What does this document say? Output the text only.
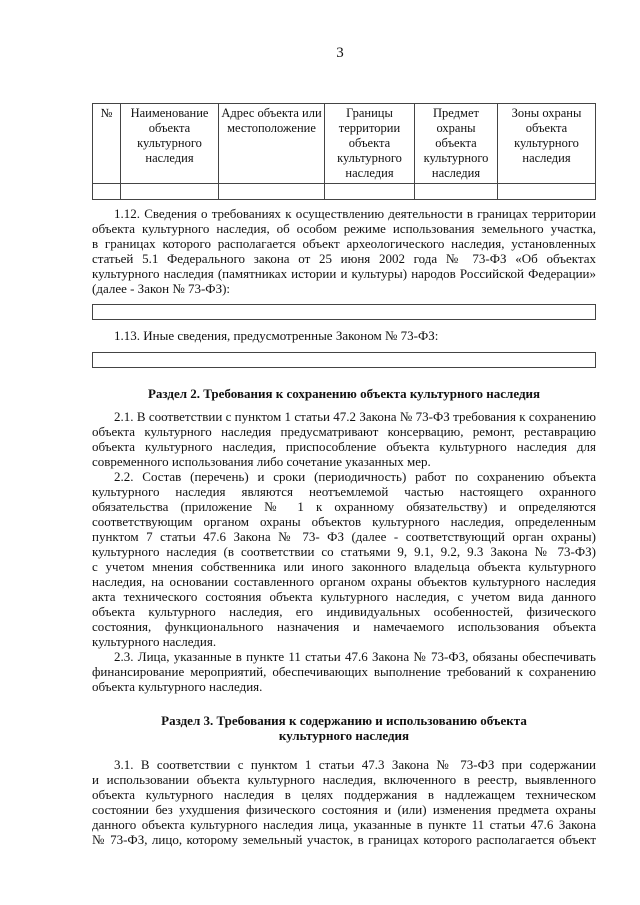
3
№	Наименование объекта культурного наследия	Адрес объекта или местоположение	Границы территории объекта культурного наследия	Предмет охраны объекта культурного наследия	Зоны охраны объекта культурного наследия

1.12. Сведения о требованиях к осуществлению деятельности в границах территории
объекта культурного наследия, об особом режиме использования земельного участка,
в границах которого располагается объект археологического наследия, установленных
статьей 5.1 Федерального закона от 25 июня 2002 года № 73-ФЗ «Об объектах
культурного наследия (памятниках истории и культуры) народов Российской Федерации»
(далее - Закон № 73-ФЗ):
1.13. Иные сведения, предусмотренные Законом № 73-ФЗ:
Раздел 2. Требования к сохранению объекта культурного наследия
2.1. В соответствии с пунктом 1 статьи 47.2 Закона № 73-ФЗ требования к сохранению
объекта культурного наследия предусматривают консервацию, ремонт, реставрацию
объекта культурного наследия, приспособление объекта культурного наследия для
современного использования либо сочетание указанных мер.
2.2. Состав (перечень) и сроки (периодичность) работ по сохранению объекта
культурного наследия являются неотъемлемой частью настоящего охранного
обязательства (приложение № 1 к охранному обязательству) и определяются
соответствующим органом охраны объектов культурного наследия, определенным
пунктом 7 статьи 47.6 Закона № 73- ФЗ (далее - соответствующий орган охраны)
культурного наследия (в соответствии со статьями 9, 9.1, 9.2, 9.3 Закона № 73-ФЗ)
с учетом мнения собственника или иного законного владельца объекта культурного
наследия, на основании составленного органом охраны объектов культурного наследия
акта технического состояния объекта культурного наследия, с учетом вида данного
объекта культурного наследия, его индивидуальных особенностей, физического
состояния, функционального назначения и намечаемого использования объекта
культурного наследия.
2.3. Лица, указанные в пункте 11 статьи 47.6 Закона № 73-ФЗ, обязаны обеспечивать
финансирование мероприятий, обеспечивающих выполнение требований к сохранению
объекта культурного наследия.
Раздел 3. Требования к содержанию и использованию объекта
культурного наследия
3.1. В соответствии с пунктом 1 статьи 47.3 Закона № 73-ФЗ при содержании
и использовании объекта культурного наследия, включенного в реестр, выявленного
объекта культурного наследия в целях поддержания в надлежащем техническом
состоянии без ухудшения физического состояния и (или) изменения предмета охраны
данного объекта культурного наследия лица, указанные в пункте 11 статьи 47.6 Закона
№ 73-ФЗ, лицо, которому земельный участок, в границах которого располагается объект
